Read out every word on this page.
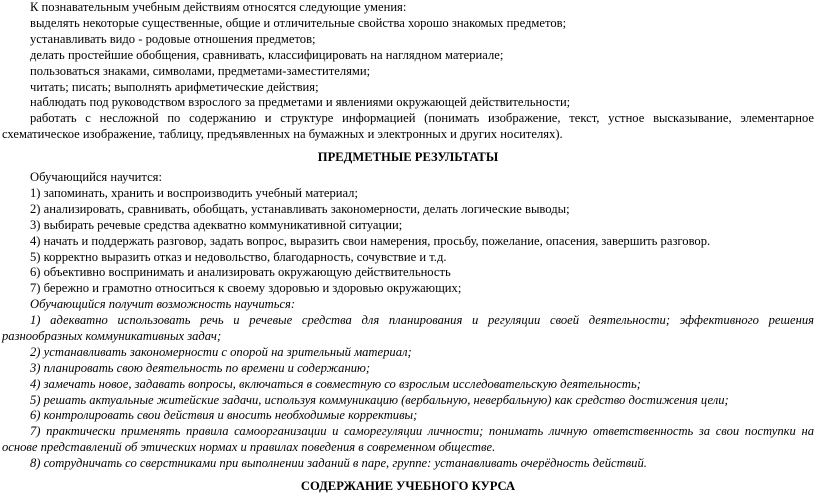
К познавательным учебным действиям относятся следующие умения:
выделять некоторые существенные, общие и отличительные свойства хорошо знакомых предметов;
устанавливать видо - родовые отношения предметов;
делать простейшие обобщения, сравнивать, классифицировать на наглядном материале;
пользоваться знаками, символами, предметами-заместителями;
читать; писать; выполнять арифметические действия;
наблюдать под руководством взрослого за предметами и явлениями окружающей действительности;
работать с несложной по содержанию и структуре информацией (понимать изображение, текст, устное высказывание, элементарное
схематическое изображение, таблицу, предъявленных на бумажных и электронных и других носителях).
ПРЕДМЕТНЫЕ РЕЗУЛЬТАТЫ
Обучающийся научится:
1) запоминать, хранить и воспроизводить учебный материал;
2) анализировать, сравнивать, обобщать, устанавливать закономерности, делать логические выводы;
3) выбирать речевые средства адекватно коммуникативной ситуации;
4) начать и поддержать разговор, задать вопрос, выразить свои намерения, просьбу, пожелание, опасения, завершить разговор.
5) корректно выразить отказ и недовольство, благодарность, сочувствие и т.д.
6) объективно воспринимать и анализировать окружающую действительность
7) бережно и грамотно относиться к своему здоровью и здоровью окружающих;
Обучающийся получит возможность научиться:
1) адекватно использовать речь и речевые средства для планирования и регуляции своей деятельности; эффективного решения
разнообразных коммуникативных задач;
2) устанавливать закономерности с опорой на зрительный материал;
3) планировать свою деятельность по времени и содержанию;
4) замечать новое, задавать вопросы, включаться в совместную со взрослым исследовательскую деятельность;
5) решать актуальные житейские задачи, используя коммуникацию (вербальную, невербальную) как средство достижения цели;
6) контролировать свои действия и вносить необходимые коррективы;
7) практически применять правила самоорганизации и саморегуляции личности; понимать личную ответственность за свои поступки на
основе представлений об этических нормах и правилах поведения в современном обществе.
8) сотрудничать со сверстниками при выполнении заданий в паре, группе: устанавливать очерёдность действий.
СОДЕРЖАНИЕ УЧЕБНОГО КУРСА
